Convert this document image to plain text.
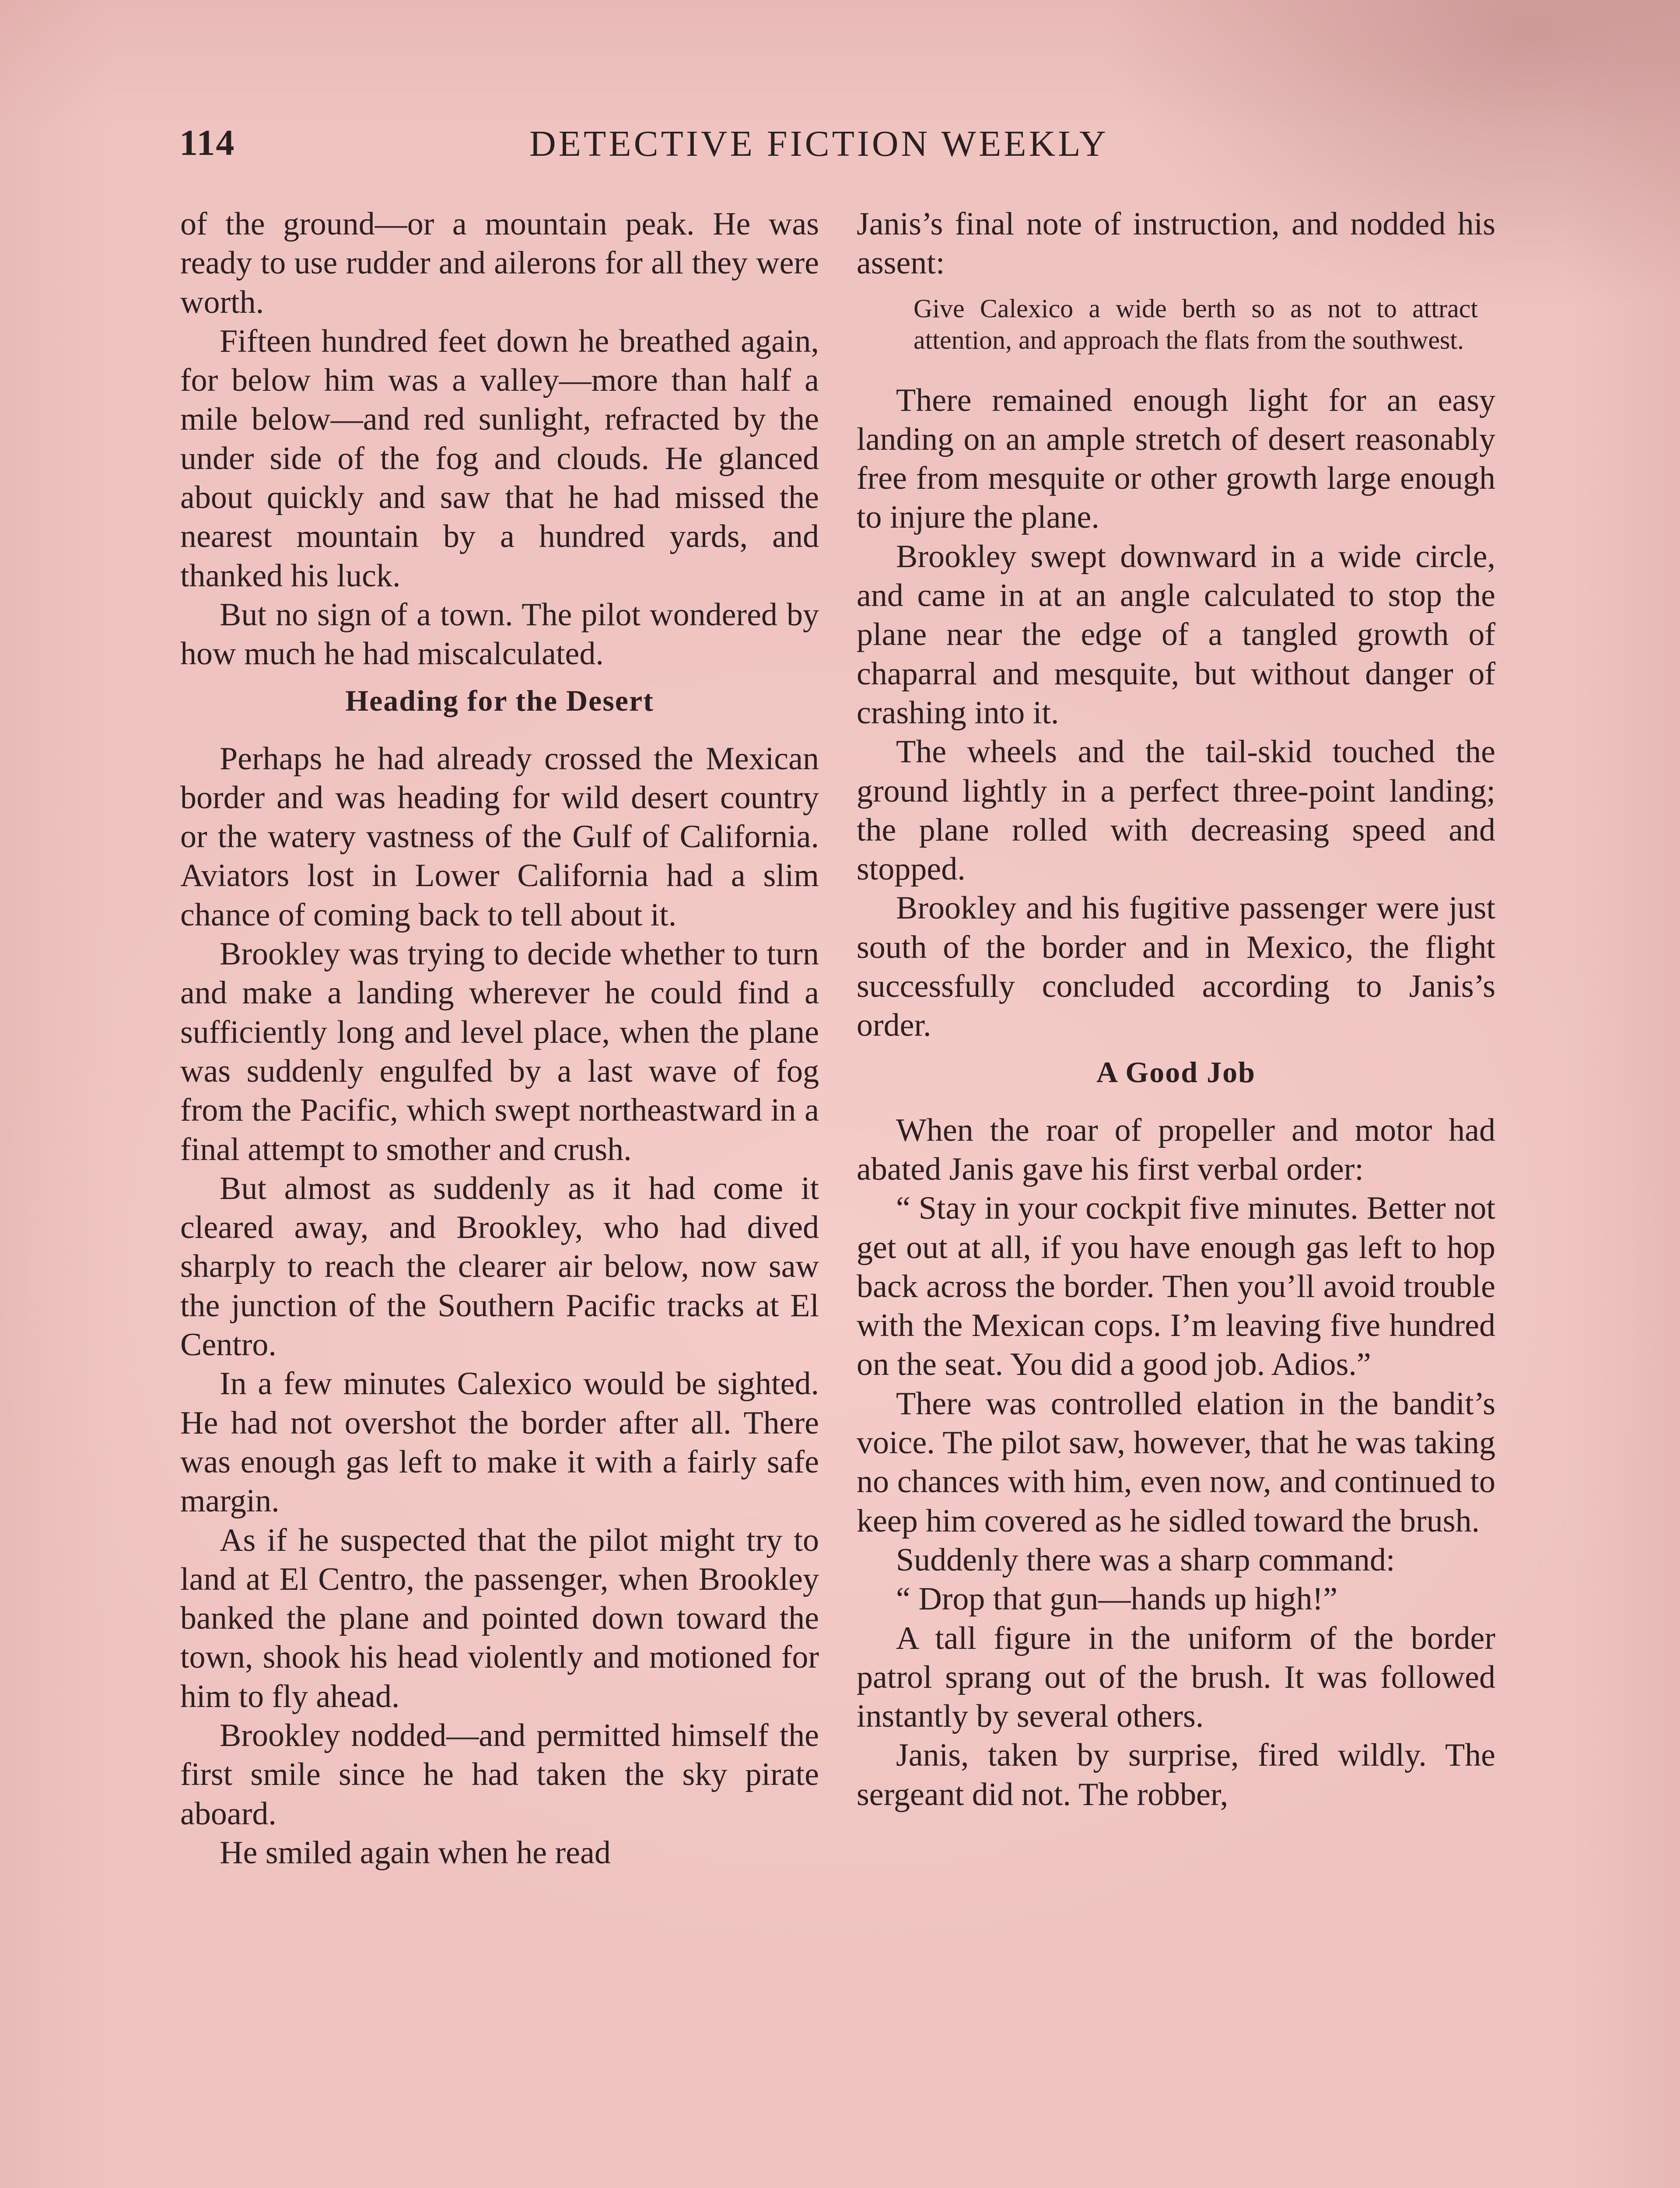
114	DETECTIVE FICTION WEEKLY

of the ground—or a mountain peak. He was ready to use rudder and ailerons for all they were worth.

Fifteen hundred feet down he breathed again, for below him was a valley—more than half a mile below—and red sunlight, refracted by the under side of the fog and clouds. He glanced about quickly and saw that he had missed the nearest mountain by a hundred yards, and thanked his luck.

But no sign of a town. The pilot wondered by how much he had miscalculated.

Heading for the Desert

Perhaps he had already crossed the Mexican border and was heading for wild desert country or the watery vastness of the Gulf of California. Aviators lost in Lower California had a slim chance of coming back to tell about it.

Brookley was trying to decide whether to turn and make a landing wherever he could find a sufficiently long and level place, when the plane was suddenly engulfed by a last wave of fog from the Pacific, which swept northeastward in a final attempt to smother and crush.

But almost as suddenly as it had come it cleared away, and Brookley, who had dived sharply to reach the clearer air below, now saw the junction of the Southern Pacific tracks at El Centro.

In a few minutes Calexico would be sighted. He had not overshot the border after all. There was enough gas left to make it with a fairly safe margin.

As if he suspected that the pilot might try to land at El Centro, the passenger, when Brookley banked the plane and pointed down toward the town, shook his head violently and motioned for him to fly ahead.

Brookley nodded—and permitted himself the first smile since he had taken the sky pirate aboard.

He smiled again when he read

Janis’s final note of instruction, and nodded his assent:

Give Calexico a wide berth so as not to attract attention, and approach the flats from the southwest.

There remained enough light for an easy landing on an ample stretch of desert reasonably free from mesquite or other growth large enough to injure the plane.

Brookley swept downward in a wide circle, and came in at an angle calculated to stop the plane near the edge of a tangled growth of chaparral and mesquite, but without danger of crashing into it.

The wheels and the tail-skid touched the ground lightly in a perfect three-point landing; the plane rolled with decreasing speed and stopped.

Brookley and his fugitive passenger were just south of the border and in Mexico, the flight successfully concluded according to Janis’s order.

A Good Job

When the roar of propeller and motor had abated Janis gave his first verbal order:

“ Stay in your cockpit five minutes. Better not get out at all, if you have enough gas left to hop back across the border. Then you’ll avoid trouble with the Mexican cops. I’m leaving five hundred on the seat. You did a good job. Adios.”

There was controlled elation in the bandit’s voice. The pilot saw, however, that he was taking no chances with him, even now, and continued to keep him covered as he sidled toward the brush.

Suddenly there was a sharp command:

“ Drop that gun—hands up high!”

A tall figure in the uniform of the border patrol sprang out of the brush. It was followed instantly by several others.

Janis, taken by surprise, fired wildly. The sergeant did not. The robber,
